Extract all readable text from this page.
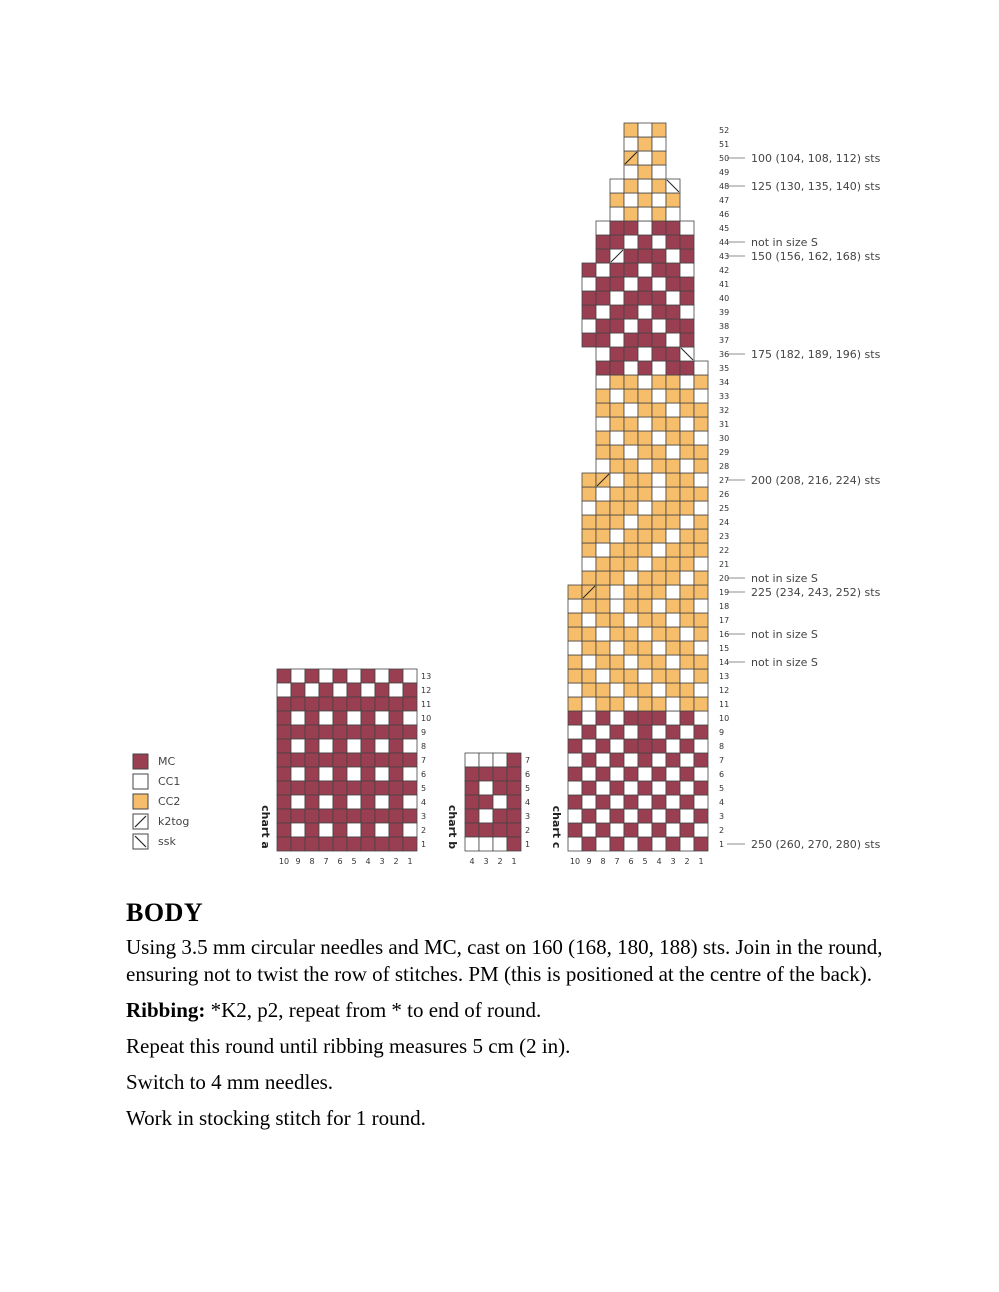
MC
CC1
CC2
k2tog
ssk
13
12
11
10
9
8
7
6
5
4
3
2
1
10 9 8 7 6 5 4 3 2 1
chart a
7
6
5
4
3
2
1
4 3 2 1
chart b	1
2
3
4
5
6
7
8
9
10
11
12
13
14
15
16
17
18
19
20
21
22
23
24
25
26
27
28
29
30
31
32
33
34
35
36
37
38
39
40
41
42
43
44
45
46
47
48
49
50
51
52
10 9 8 7 6 5 4 3 2 1
100 (104, 108, 112) sts
125 (130, 135, 140) sts
not in size S
150 (156, 162, 168) sts
175 (182, 189, 196) sts
200 (208, 216, 224) sts
not in size S
225 (234, 243, 252) sts
not in size S
not in size S
250 (260, 270, 280) sts
chart c
BODY

Using 3.5 mm circular needles and MC, cast on 160 (168, 180, 188) sts. Join in the round, ensuring not to twist the row of stitches. PM (this is positioned at the centre of the back).

Ribbing: *K2, p2, repeat from * to end of round.

Repeat this round until ribbing measures 5 cm (2 in).

Switch to 4 mm needles.

Work in stocking stitch for 1 round.
